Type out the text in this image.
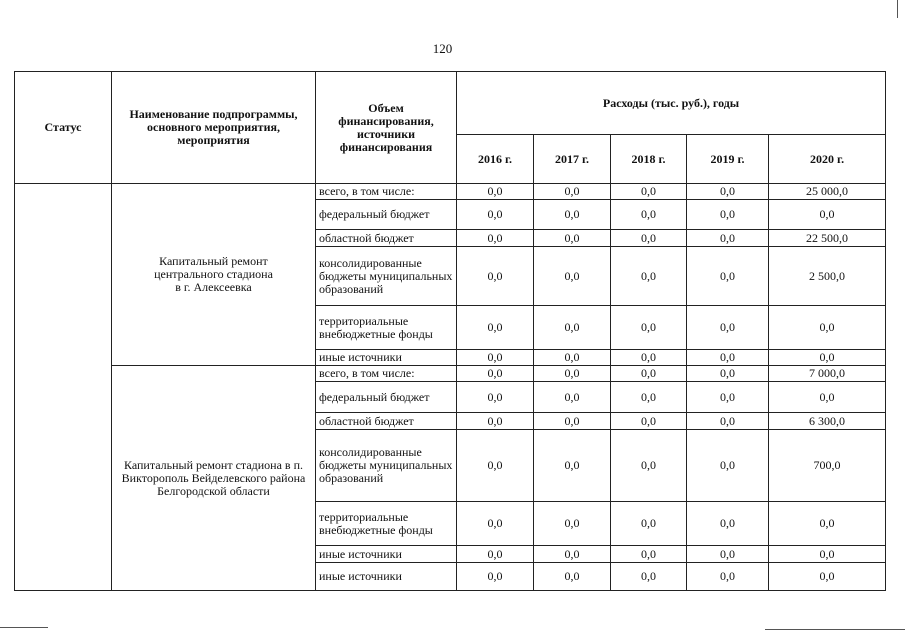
120
Статус	Наименование подпрограммы, основного мероприятия, мероприятия	Объем финансирования, источники финансирования	Расходы (тыс. руб.), годы				
			2016 г.	2017 г.	2018 г.	2019 г.	2020 г.
	Капитальный ремонт центрального стадиона в г. Алексеевка	всего, в том числе:	0,0	0,0	0,0	0,0	25 000,0
		федеральный бюджет	0,0	0,0	0,0	0,0	0,0
		областной бюджет	0,0	0,0	0,0	0,0	22 500,0
		консолидированные бюджеты муниципальных образований	0,0	0,0	0,0	0,0	2 500,0
		территориальные внебюджетные фонды	0,0	0,0	0,0	0,0	0,0
		иные источники	0,0	0,0	0,0	0,0	0,0
	Капитальный ремонт стадиона в п. Викторополь Вейделевского района Белгородской области	всего, в том числе:	0,0	0,0	0,0	0,0	7 000,0
		федеральный бюджет	0,0	0,0	0,0	0,0	0,0
		областной бюджет	0,0	0,0	0,0	0,0	6 300,0
		консолидированные бюджеты муниципальных образований	0,0	0,0	0,0	0,0	700,0
		территориальные внебюджетные фонды	0,0	0,0	0,0	0,0	0,0
		иные источники	0,0	0,0	0,0	0,0	0,0
		иные источники	0,0	0,0	0,0	0,0	0,0
